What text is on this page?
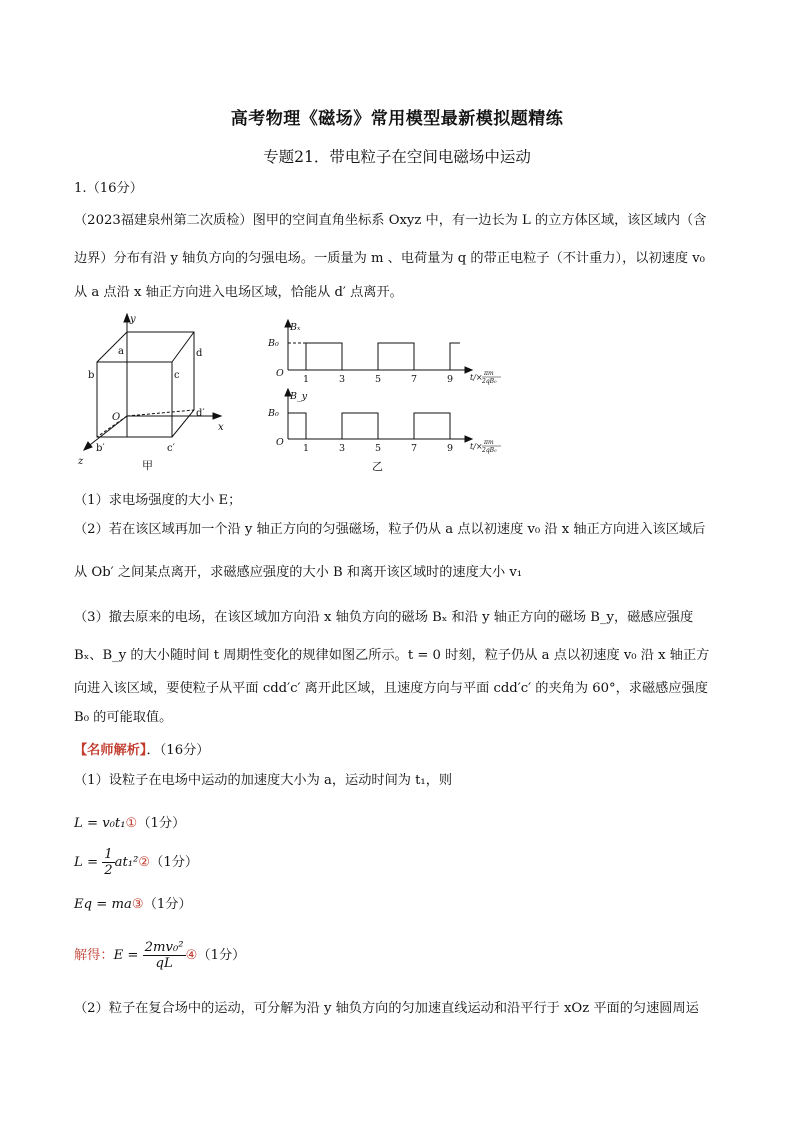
高考物理《磁场》常用模型最新模拟题精练
专题21．带电粒子在空间电磁场中运动
1.（16分）
（2023福建泉州第二次质检）图甲的空间直角坐标系 Oxyz 中，有一边长为 L 的立方体区域，该区域内（含
边界）分布有沿 y 轴负方向的匀强电场。一质量为 m 、电荷量为 q 的带正电粒子（不计重力），以初速度 v₀
从 a 点沿 x 轴正方向进入电场区域，恰能从 d′ 点离开。
y
x
z
O
a
b	c
d
b′	c′
d′
甲
Bₓ
B₀
O
1	3	5	7	9 t/× πm
2qB₀
B_y
B₀
O
1	3	5	7	9 t/× πm
2qB₀
乙
（1）求电场强度的大小 E；
（2）若在该区域再加一个沿 y 轴正方向的匀强磁场，粒子仍从 a 点以初速度 v₀ 沿 x 轴正方向进入该区域后
从 Ob′ 之间某点离开，求磁感应强度的大小 B 和离开该区域时的速度大小 v₁
（3）撤去原来的电场，在该区域加方向沿 x 轴负方向的磁场 Bₓ 和沿 y 轴正方向的磁场 B_y，磁感应强度
Bₓ、B_y 的大小随时间 t 周期性变化的规律如图乙所示。t = 0 时刻，粒子仍从 a 点以初速度 v₀ 沿 x 轴正方
向进入该区域，要使粒子从平面 cdd′c′ 离开此区域，且速度方向与平面 cdd′c′ 的夹角为 60°，求磁感应强度
B₀ 的可能取值。
【名师解析】．（16分）
（1）设粒子在电场中运动的加速度大小为 a，运动时间为 t₁，则
L = v₀t₁①（1分）
$L = \frac{1}{2}$ at₁²②（1分）
Eq = ma③（1分）
解得：$E = \frac{\text{2mv₀²}}{qL}$ ④（1分）
（2）粒子在复合场中的运动，可分解为沿 y 轴负方向的匀加速直线运动和沿平行于 xOz 平面的匀速圆周运
